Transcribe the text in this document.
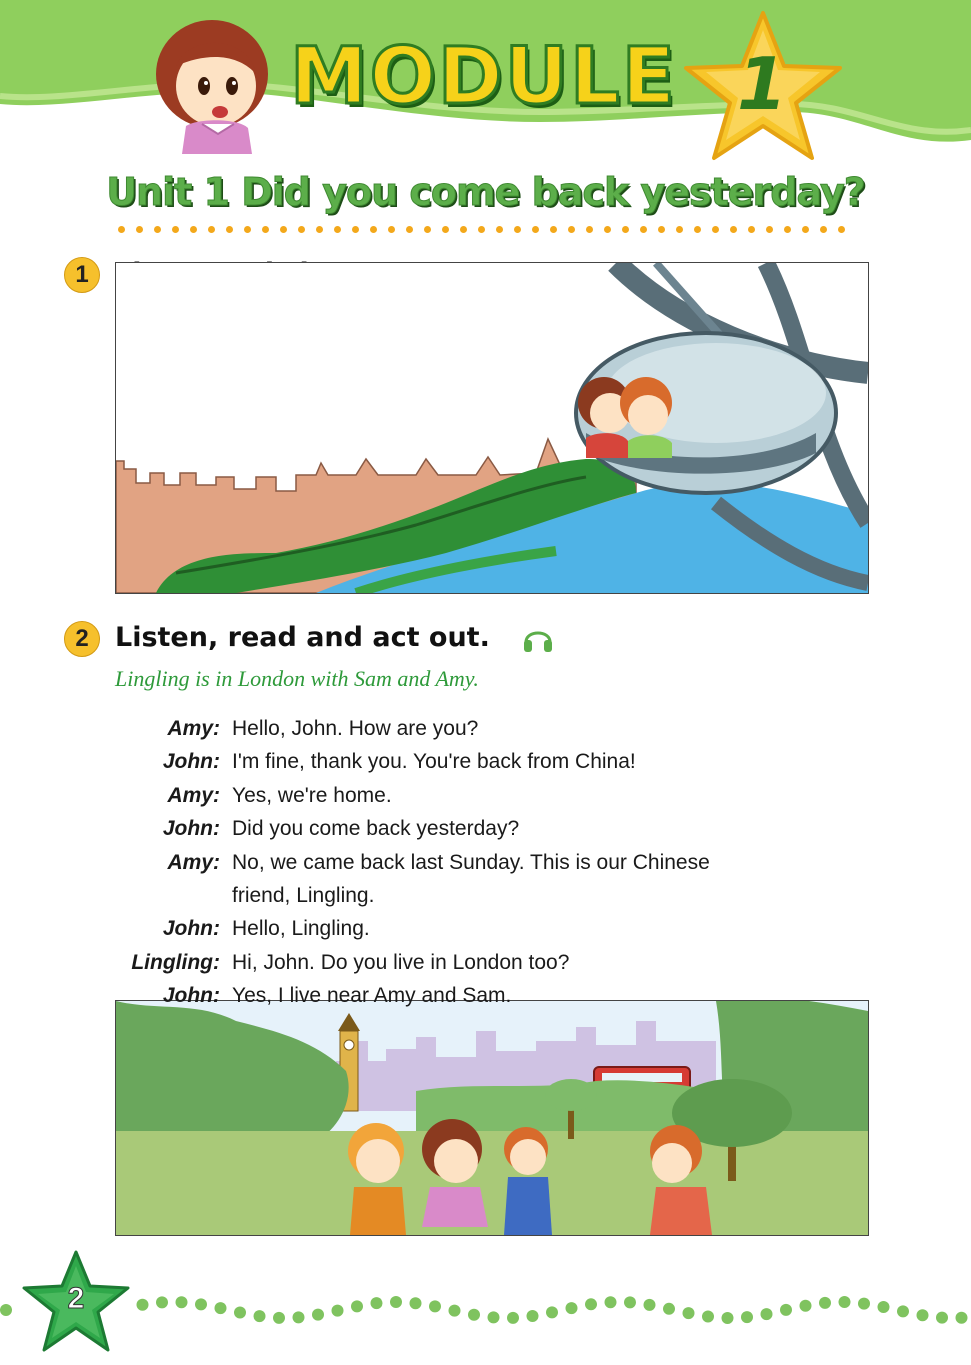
MODULE 1
Unit 1 Did you come back yesterday?
1
2 Listen, read and act out.
Lingling is in London with Sam and Amy.
Amy: Hello, John. How are you?
John: I'm fine, thank you. You're back from China!
Amy: Yes, we're home.
John: Did you come back yesterday?
Amy: No, we came back last Sunday. This is our Chinese
friend, Lingling.
John: Hello, Lingling.
Lingling: Hi, John. Do you live in London too?
John: Yes, I live near Amy and Sam.
2
